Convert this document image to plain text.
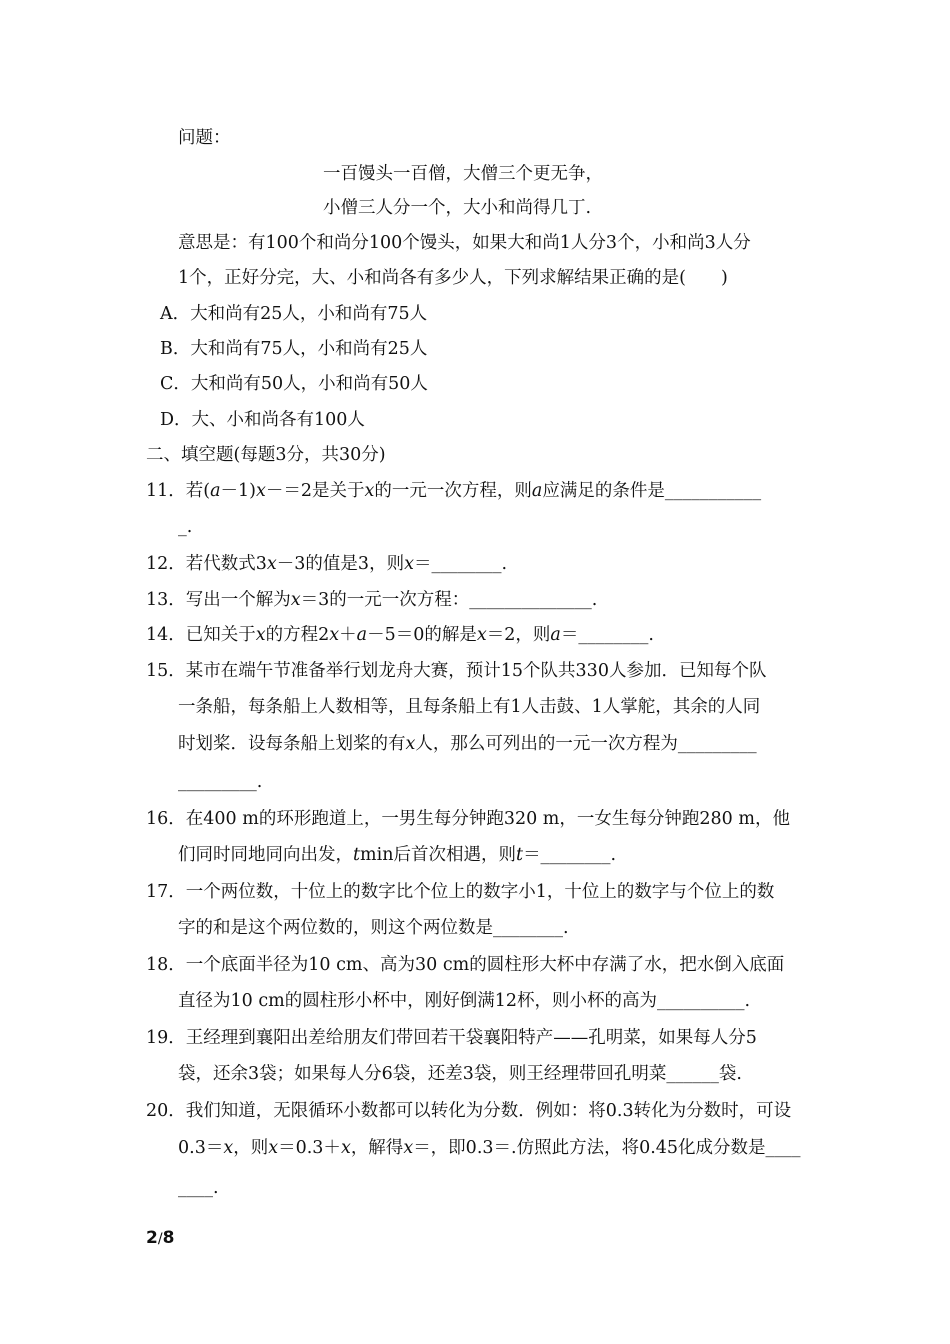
问题：
一百馒头一百僧，大僧三个更无争，
小僧三人分一个，大小和尚得几丁.
意思是：有100个和尚分100个馒头，如果大和尚1人分3个，小和尚3人分
1个，正好分完，大、小和尚各有多少人，下列求解结果正确的是(　　)
A．大和尚有25人，小和尚有75人
B．大和尚有75人，小和尚有25人
C．大和尚有50人，小和尚有50人
D．大、小和尚各有100人
二、填空题(每题3分，共30分)
11．若(a－1)x－＝2是关于x的一元一次方程，则a应满足的条件是___________
_.
12．若代数式3x－3的值是3，则x＝________.
13．写出一个解为x＝3的一元一次方程：______________.
14．已知关于x的方程2x＋a－5＝0的解是x＝2，则a＝________.
15．某市在端午节准备举行划龙舟大赛，预计15个队共330人参加．已知每个队
一条船，每条船上人数相等，且每条船上有1人击鼓、1人掌舵，其余的人同
时划桨．设每条船上划桨的有x人，那么可列出的一元一次方程为_________
_________.
16．在400 m的环形跑道上，一男生每分钟跑320 m，一女生每分钟跑280 m，他
们同时同地同向出发，tmin后首次相遇，则t＝________.
17．一个两位数，十位上的数字比个位上的数字小1，十位上的数字与个位上的数
字的和是这个两位数的，则这个两位数是________.
18．一个底面半径为10 cm、高为30 cm的圆柱形大杯中存满了水，把水倒入底面
直径为10 cm的圆柱形小杯中，刚好倒满12杯，则小杯的高为__________.
19．王经理到襄阳出差给朋友们带回若干袋襄阳特产——孔明菜，如果每人分5
袋，还余3袋；如果每人分6袋，还差3袋，则王经理带回孔明菜______袋.
20．我们知道，无限循环小数都可以转化为分数．例如：将0.3转化为分数时，可设
0.3＝x，则x＝0.3＋x，解得x＝，即0.3＝.仿照此方法，将0.45化成分数是____
____.
2/8
